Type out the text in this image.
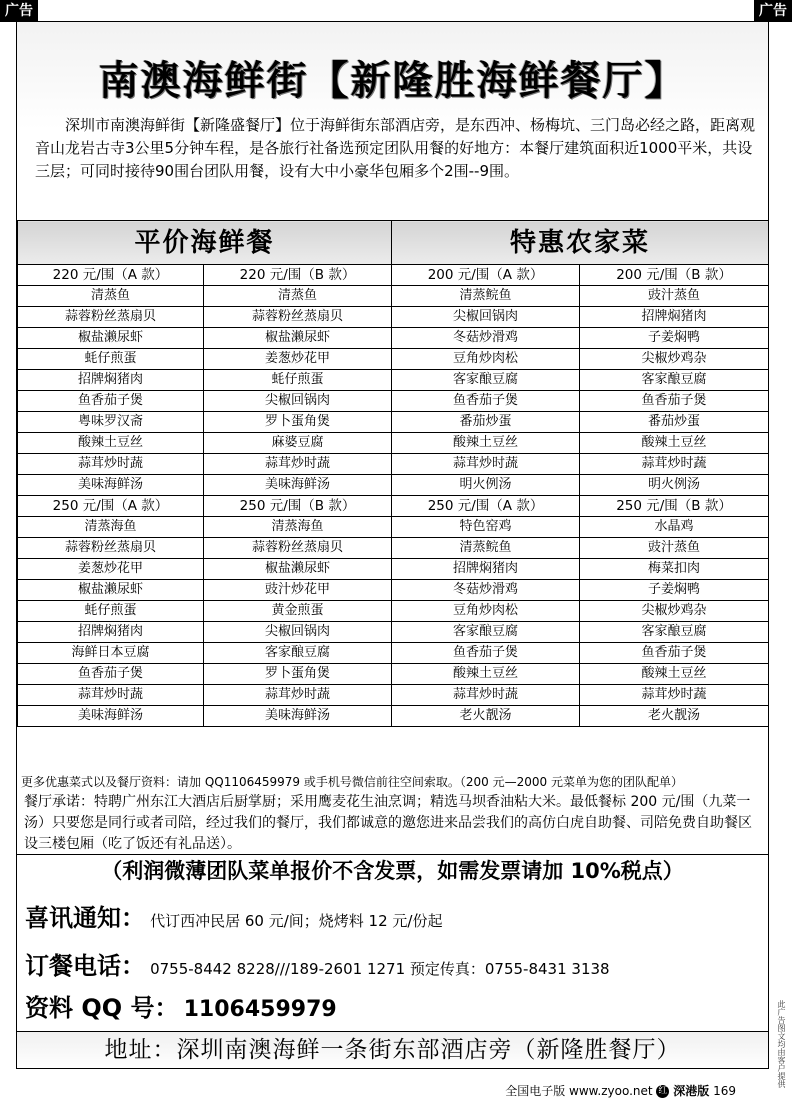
广告	广告
南澳海鲜街【新隆胜海鲜餐厅】

深圳市南澳海鲜街【新隆盛餐厅】位于海鲜街东部酒店旁，是东西冲、杨梅坑、三门岛必经之路，距离观音山龙岩古寺3公里5分钟车程，是各旅行社备选预定团队用餐的好地方：本餐厅建筑面积近1000平米，共设三层；可同时接待90围台团队用餐，设有大中小豪华包厢多个2围--9围。

平价海鲜餐		特惠农家菜	
220 元/围（A 款）	220 元/围（B 款）	200 元/围（A 款）	200 元/围（B 款）
清蒸鱼	清蒸鱼	清蒸鲩鱼	豉汁蒸鱼
蒜蓉粉丝蒸扇贝	蒜蓉粉丝蒸扇贝	尖椒回锅肉	招牌焖猪肉
椒盐濑尿虾	椒盐濑尿虾	冬菇炒滑鸡	子姜焖鸭
蚝仔煎蛋	姜葱炒花甲	豆角炒肉松	尖椒炒鸡杂
招牌焖猪肉	蚝仔煎蛋	客家酿豆腐	客家酿豆腐
鱼香茄子煲	尖椒回锅肉	鱼香茄子煲	鱼香茄子煲
粤味罗汉斋	罗卜蛋角煲	番茄炒蛋	番茄炒蛋
酸辣土豆丝	麻婆豆腐	酸辣土豆丝	酸辣土豆丝
蒜茸炒时蔬	蒜茸炒时蔬	蒜茸炒时蔬	蒜茸炒时蔬
美味海鲜汤	美味海鲜汤	明火例汤	明火例汤
250 元/围（A 款）	250 元/围（B 款）	250 元/围（A 款）	250 元/围（B 款）
清蒸海鱼	清蒸海鱼	特色窑鸡	水晶鸡
蒜蓉粉丝蒸扇贝	蒜蓉粉丝蒸扇贝	清蒸鲩鱼	豉汁蒸鱼
姜葱炒花甲	椒盐濑尿虾	招牌焖猪肉	梅菜扣肉
椒盐濑尿虾	豉汁炒花甲	冬菇炒滑鸡	子姜焖鸭
蚝仔煎蛋	黄金煎蛋	豆角炒肉松	尖椒炒鸡杂
招牌焖猪肉	尖椒回锅肉	客家酿豆腐	客家酿豆腐
海鲜日本豆腐	客家酿豆腐	鱼香茄子煲	鱼香茄子煲
鱼香茄子煲	罗卜蛋角煲	酸辣土豆丝	酸辣土豆丝
蒜茸炒时蔬	蒜茸炒时蔬	蒜茸炒时蔬	蒜茸炒时蔬
美味海鲜汤	美味海鲜汤	老火靓汤	老火靓汤
更多优惠菜式以及餐厅资料：请加 QQ1106459979 或手机号微信前往空间索取。（200 元—2000 元菜单为您的团队配单）
餐厅承诺：特聘广州东江大酒店后厨掌厨；采用鹰麦花生油烹调；精选马坝香油粘大米。最低餐标 200 元/围（九菜一汤）只要您是同行或者司陪，经过我们的餐厅，我们都诚意的邀您进来品尝我们的高仿白虎自助餐、司陪免费自助餐区设三楼包厢（吃了饭还有礼品送）。
（利润微薄团队菜单报价不含发票，如需发票请加 10%税点）
喜讯通知： 代订西冲民居 60 元/间；烧烤料 12 元/份起
订餐电话： 0755-8442 8228///189-2601 1271 预定传真：0755-8431 3138
资料 QQ 号： 1106459979
地址：深圳南澳海鲜一条街东部酒店旁（新隆胜餐厅）
全国电子版 www.zyoo.net 红 深港版 169
此广告图文均由客户提供
